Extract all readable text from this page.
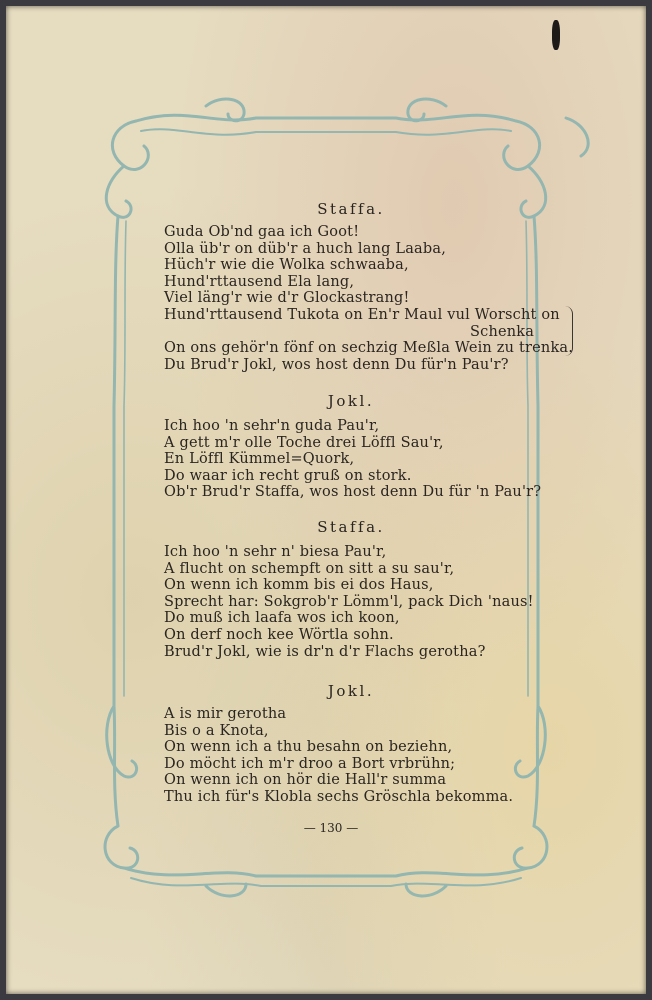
Staffa.
Guda Ob'nd gaa ich Goot!
Olla üb'r on düb'r a huch lang Laaba,
Hüch'r wie die Wolka schwaaba,
Hund'rttausend Ela lang,
Viel läng'r wie d'r Glockastrang!
Hund'rttausend Tukota on En'r Maul vul Worscht on
Schenka
On ons gehör'n fönf on sechzig Meßla Wein zu trenka.
Du Brud'r Jokl, wos host denn Du für'n Pau'r?
Jokl.
Ich hoo 'n sehr'n guda Pau'r,
A gett m'r olle Toche drei Löffl Sau'r,
En Löffl Kümmel=Quork,
Do waar ich recht gruß on stork.
Ob'r Brud'r Staffa, wos host denn Du für 'n Pau'r?
Staffa.
Ich hoo 'n sehr n' biesa Pau'r,
A flucht on schempft on sitt a su sau'r,
On wenn ich komm bis ei dos Haus,
Sprecht har: Sokgrob'r Lömm'l, pack Dich 'naus!
Do muß ich laafa wos ich koon,
On derf noch kee Wörtla sohn.
Brud'r Jokl, wie is dr'n d'r Flachs gerotha?
Jokl.
A is mir gerotha
Bis o a Knota,
On wenn ich a thu besahn on beziehn,
Do möcht ich m'r droo a Bort vrbrühn;
On wenn ich on hör die Hall'r summa
Thu ich für's Klobla sechs Gröschla bekomma.
— 130 —
